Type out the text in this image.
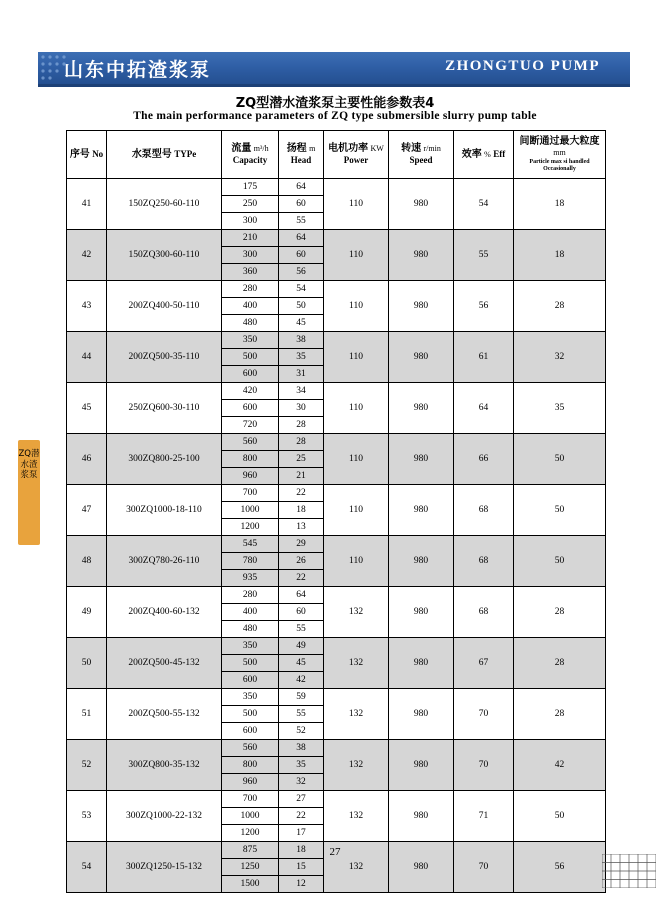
山东中拓渣浆泵	ZHONGTUO PUMP
ZQ型潜水渣浆泵主要性能参数表4
The main performance parameters of ZQ type submersible slurry pump table
序号 No	水泵型号 TYPe	流量 m³/h Capacity	扬程 m Head	电机功率 KW Power	转速 r/min Speed	效率 % Eff	间断通过最大粒度 mm
Particle max si handled Occasionally

41	150ZQ250-60-110	175	64	110	980	54	18
		250	60				
		300	55				
42	150ZQ300-60-110	210	64	110	980	55	18
		300	60				
		360	56				
43	200ZQ400-50-110	280	54	110	980	56	28
		400	50				
		480	45				
44	200ZQ500-35-110	350	38	110	980	61	32
		500	35				
		600	31				
45	250ZQ600-30-110	420	34	110	980	64	35
		600	30				
		720	28				
46	300ZQ800-25-100	560	28	110	980	66	50
		800	25				
		960	21				
47	300ZQ1000-18-110	700	22	110	980	68	50
		1000	18				
		1200	13				
48	300ZQ780-26-110	545	29	110	980	68	50
		780	26				
		935	22				
49	200ZQ400-60-132	280	64	132	980	68	28
		400	60				
		480	55				
50	200ZQ500-45-132	350	49	132	980	67	28
		500	45				
		600	42				
51	200ZQ500-55-132	350	59	132	980	70	28
		500	55				
		600	52				
52	300ZQ800-35-132	560	38	132	980	70	42
		800	35				
		960	32				
53	300ZQ1000-22-132	700	27	132	980	71	50
		1000	22				
		1200	17				
54	300ZQ1250-15-132	875	18	132	980	70	56
		1250	15				
		1500	12				
ZQ潜水渣浆泵
27
